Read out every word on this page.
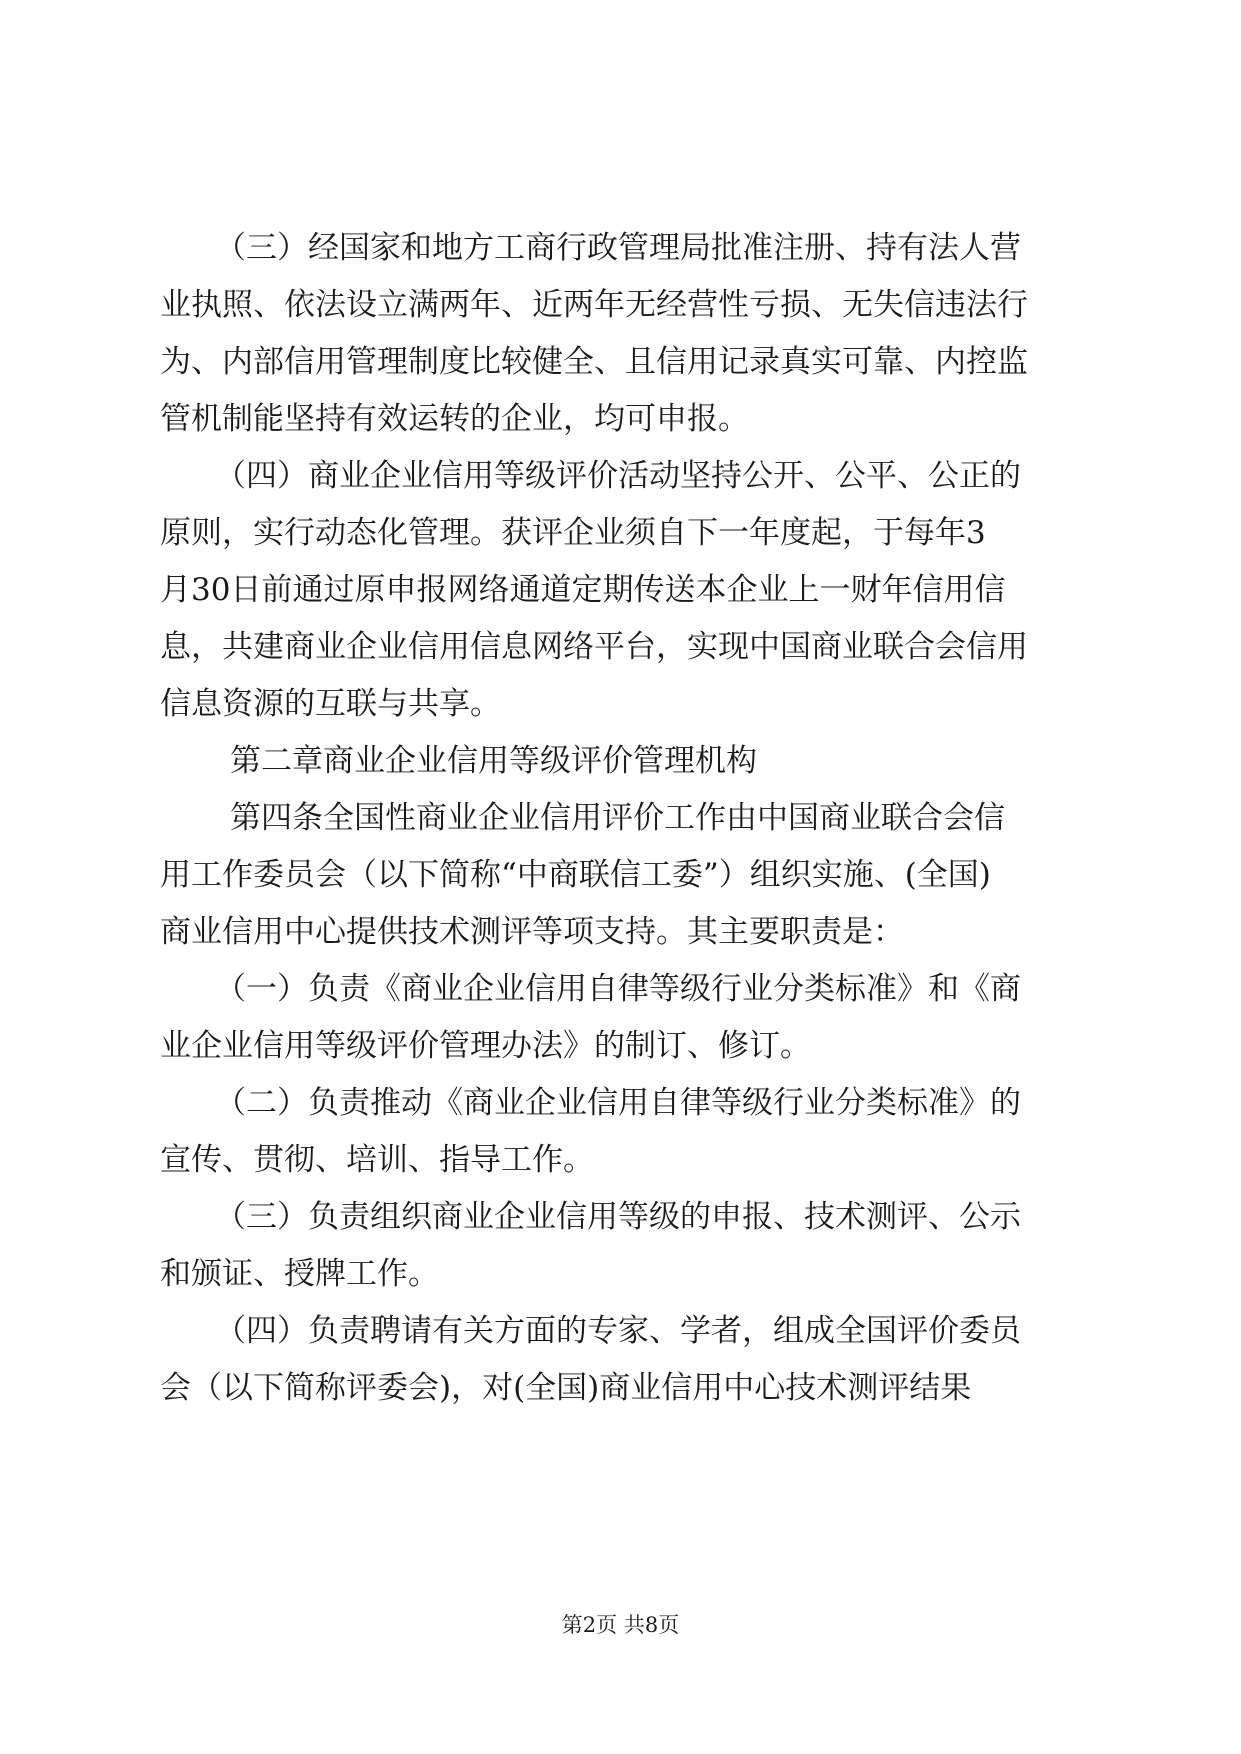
（三）经国家和地方工商行政管理局批准注册、持有法人营
业执照、依法设立满两年、近两年无经营性亏损、无失信违法行
为、内部信用管理制度比较健全、且信用记录真实可靠、内控监
管机制能坚持有效运转的企业，均可申报。
（四）商业企业信用等级评价活动坚持公开、公平、公正的
原则，实行动态化管理。获评企业须自下一年度起，于每年3
月30日前通过原申报网络通道定期传送本企业上一财年信用信
息，共建商业企业信用信息网络平台，实现中国商业联合会信用
信息资源的互联与共享。
第二章商业企业信用等级评价管理机构
第四条全国性商业企业信用评价工作由中国商业联合会信
用工作委员会（以下简称“中商联信工委”）组织实施、(全国)
商业信用中心提供技术测评等项支持。其主要职责是：
（一）负责《商业企业信用自律等级行业分类标准》和《商
业企业信用等级评价管理办法》的制订、修订。
（二）负责推动《商业企业信用自律等级行业分类标准》的
宣传、贯彻、培训、指导工作。
（三）负责组织商业企业信用等级的申报、技术测评、公示
和颁证、授牌工作。
（四）负责聘请有关方面的专家、学者，组成全国评价委员
会（以下简称评委会)，对(全国)商业信用中心技术测评结果
第2页 共8页
